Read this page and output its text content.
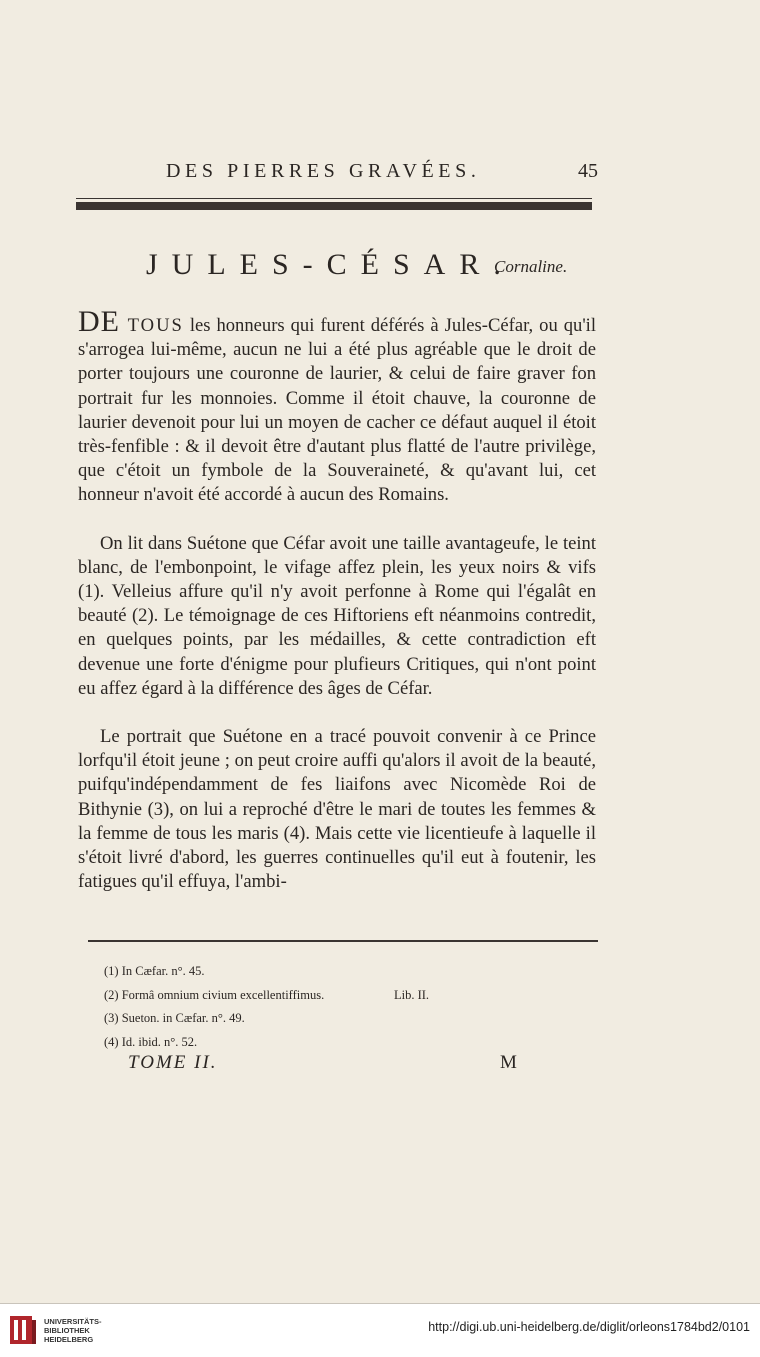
DES PIERRES GRAVÉES.	45
JULES-CÉSAR.
Cornaline.

DE TOUS les honneurs qui furent déférés à Jules-Céfar, ou qu'il s'arrogea lui-même, aucun ne lui a été plus agréable que le droit de porter toujours une couronne de laurier, & celui de faire graver fon portrait fur les monnoies. Comme il étoit chauve, la couronne de laurier devenoit pour lui un moyen de cacher ce défaut auquel il étoit très-fenfible : & il devoit être d'autant plus flatté de l'autre privilège, que c'étoit un fymbole de la Souveraineté, & qu'avant lui, cet honneur n'avoit été accordé à aucun des Romains.

On lit dans Suétone que Céfar avoit une taille avantageufe, le teint blanc, de l'embonpoint, le vifage affez plein, les yeux noirs & vifs (1). Velleius affure qu'il n'y avoit perfonne à Rome qui l'égalât en beauté (2). Le témoignage de ces Hiftoriens eft néanmoins contredit, en quelques points, par les médailles, & cette contradiction eft devenue une forte d'énigme pour plufieurs Critiques, qui n'ont point eu affez égard à la différence des âges de Céfar.

Le portrait que Suétone en a tracé pouvoit convenir à ce Prince lorfqu'il étoit jeune ; on peut croire auffi qu'alors il avoit de la beauté, puifqu'indépendamment de fes liaifons avec Nicomède Roi de Bithynie (3), on lui a reproché d'être le mari de toutes les femmes & la femme de tous les maris (4). Mais cette vie licentieufe à laquelle il s'étoit livré d'abord, les guerres continuelles qu'il eut à foutenir, les fatigues qu'il effuya, l'ambi-

(1) In Cæfar. n°. 45.
(2) Formâ omnium civium excellentiffimus.	Lib. II.
(3) Sueton. in Cæfar. n°. 49.
(4) Id. ibid. n°. 52.
TOME II.	M
UNIVERSITÄTS-
BIBLIOTHEK
HEIDELBERG
http://digi.ub.uni-heidelberg.de/diglit/orleons1784bd2/0101
